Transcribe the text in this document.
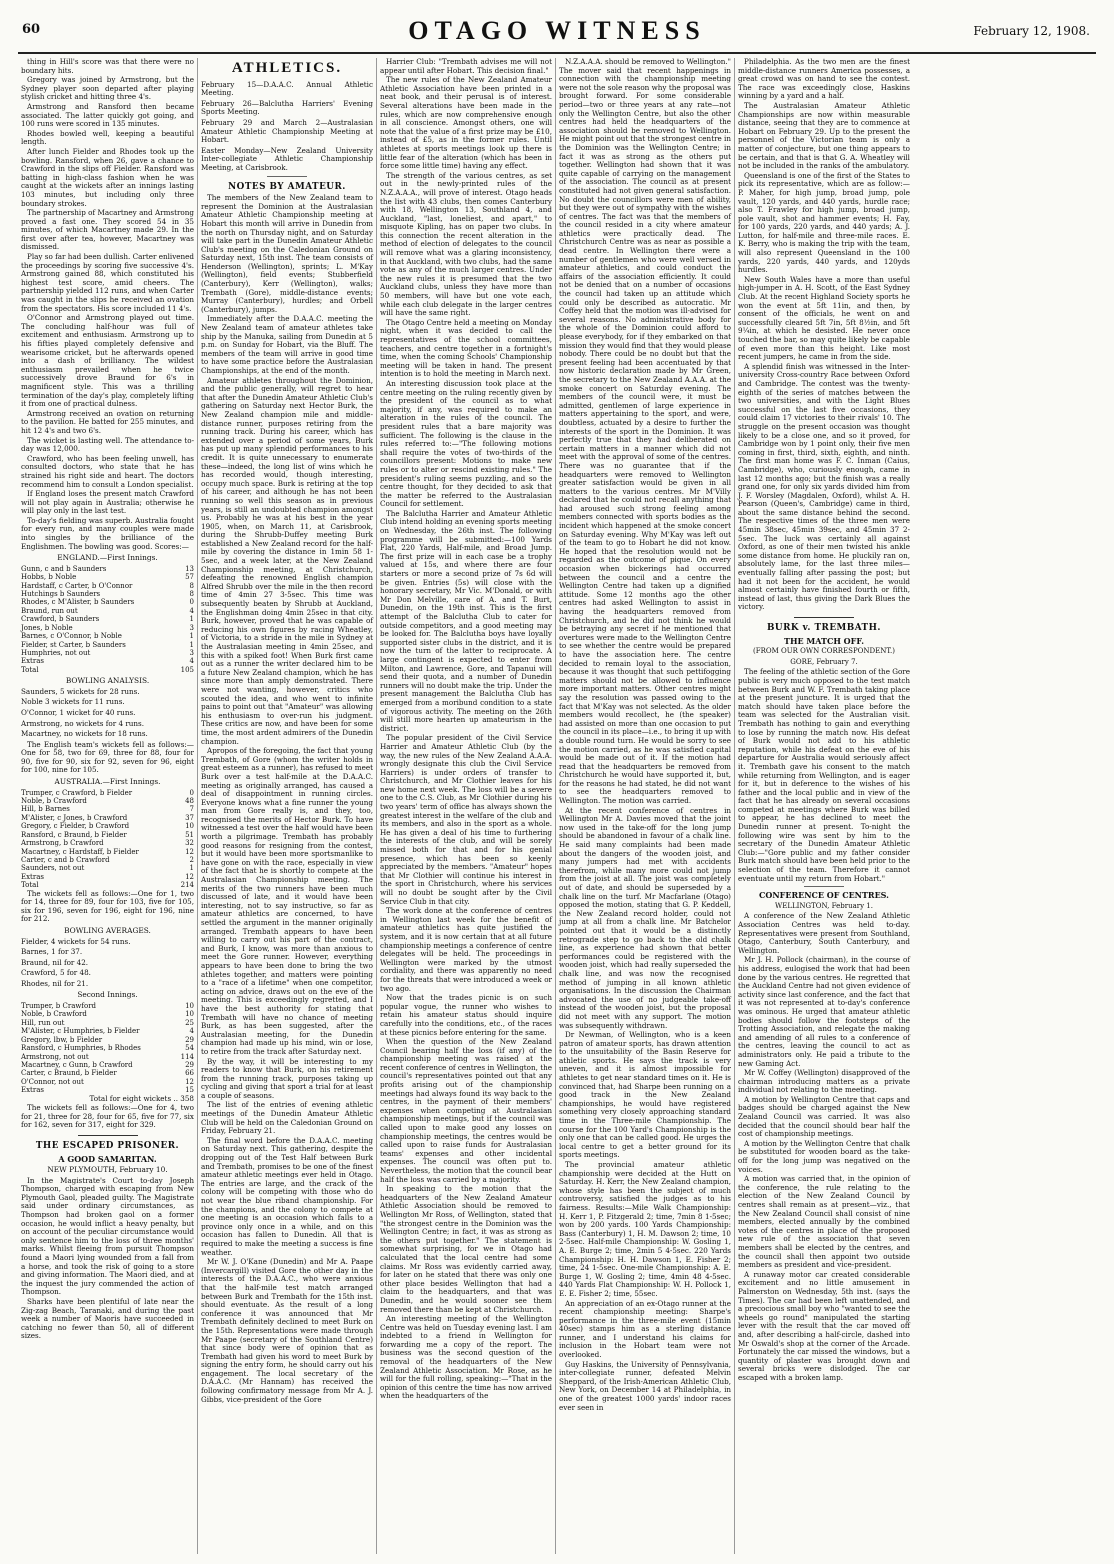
60	OTAGO WITNESS	February 12, 1908.

thing in Hill's score was that there were no boundary hits.

Gregory was joined by Armstrong, but the Sydney player soon departed after playing stylish cricket and hitting three 4's.

Armstrong and Ransford then became associated. The latter quickly got going, and 100 runs were scored in 135 minutes.

Rhodes bowled well, keeping a beautiful length.

After lunch Fielder and Rhodes took up the bowling. Ransford, when 26, gave a chance to Crawford in the slips off Fielder. Ransford was batting in high-class fashion when he was caught at the wickets after an innings lasting 103 minutes, but including only three boundary strokes.

The partnership of Macartney and Armstrong proved a fast one. They scored 54 in 35 minutes, of which Macartney made 29. In the first over after tea, however, Macartney was dismissed.

Play so far had been dullish. Carter enlivened the proceedings by scoring five successive 4's. Armstrong gained 88, which constituted his highest test score, amid cheers. The partnership yielded 112 runs, and when Carter was caught in the slips he received an ovation from the spectators. His score included 11 4's.

O'Connor and Armstrong played out time. The concluding half-hour was full of excitement and enthusiasm. Armstrong up to his fifties played completely defensive and wearisome cricket, but he afterwards opened into a dash of brilliancy. The wildest enthusiasm prevailed when he twice successively drove Braund for 6's in magnificent style. This was a thrilling termination of the day's play, completely lifting it from one of practical dulness.

Armstrong received an ovation on returning to the pavilion. He batted for 255 minutes, and hit 12 4's and two 6's.

The wicket is lasting well. The attendance to-day was 12,000.

Crawford, who has been feeling unwell, has consulted doctors, who state that he has strained his right side and heart. The doctors recommend him to consult a London specialist.

If England loses the present match Crawford will not play again in Australia; otherwise he will play only in the last test.

To-day's fielding was superb. Australia fought for every run, and many couples were made into singles by the brilliance of the Englishmen. The bowling was good. Scores:—

ENGLAND.—First Innings.
Gunn, c and b Saunders	13
Hobbs, b Noble	57
Hardstaff, c Carter, b O'Connor	8
Hutchings b Saunders	8
Rhodes, c M'Alister, b Saunders	0
Braund, run out	4
Crawford, b Saunders	1
Jones, b Noble	3
Barnes, c O'Connor, b Noble	1
Fielder, st Carter, b Saunders	1
Humphries, not out	3
Extras	4
Total	105
BOWLING ANALYSIS.
Saunders, 5 wickets for 28 runs.
Noble 3 wickets for 11 runs.
O'Connor, 1 wicket for 40 runs.
Armstrong, no wickets for 4 runs.
Macartney, no wickets for 18 runs.

The English team's wickets fell as follows:—One for 58, two for 69, three for 88, four for 90, five for 90, six for 92, seven for 96, eight for 100, nine for 105.

AUSTRALIA.—First Innings.
Trumper, c Crawford, b Fielder	0
Noble, b Crawford	48
Hill, b Barnes	7
M'Alister, c Jones, b Crawford	37
Gregory, c Fielder, b Crawford	10
Ransford, c Braund, b Fielder	51
Armstrong, b Crawford	32
Macartney, c Hardstaff, b Fielder	12
Carter, c and b Crawford	2
Saunders, not out	1
Extras	12
Total	214

The wickets fell as follows:—One for 1, two for 14, three for 89, four for 103, five for 105, six for 196, seven for 196, eight for 196, nine for 212.

BOWLING AVERAGES.
Fielder, 4 wickets for 54 runs.
Barnes, 1 for 37.
Braund, nil for 42.
Crawford, 5 for 48.
Rhodes, nil for 21.
Second Innings.
Trumper, b Crawford	10
Noble, b Crawford	10
Hill, run out	25
M'Alister, c Humphries, b Fielder	4
Gregory, lbw, b Fielder	29
Ransford, c Humphries, b Rhodes	54
Armstrong, not out	114
Macartney, c Gunn, b Crawford	29
Carter, c Braund, b Fielder	66
O'Connor, not out	12
Extras	15

Total for eight wickets .. 358

The wickets fell as follows:—One for 4, two for 21, three for 28, four for 65, five for 77, six for 162, seven for 317, eight for 329.

THE ESCAPED PRISONER.
A GOOD SAMARITAN.
NEW PLYMOUTH, February 10.

In the Magistrate's Court to-day Joseph Thompson, charged with escaping from New Plymouth Gaol, pleaded guilty. The Magistrate said under ordinary circumstances, as Thompson had broken gaol on a former occasion, he would inflict a heavy penalty, but on account of the peculiar circumstance would only sentence him to the loss of three months' marks. Whilst fleeing from pursuit Thompson found a Maori lying wounded from a fall from a horse, and took the risk of going to a store and giving information. The Maori died, and at the inquest the jury commended the action of Thompson.

Sharks have been plentiful of late near the Zig-zag Beach, Taranaki, and during the past week a number of Maoris have succeeded in catching no fewer than 50, all of different sizes.

ATHLETICS.
February 15—D.A.A.C. Annual Athletic Meeting.
February 26—Balclutha Harriers' Evening Sports Meeting.
February 29 and March 2—Australasian Amateur Athletic Championship Meeting at Hobart.
Easter Monday—New Zealand University Inter-collegiate Athletic Championship Meeting, at Carisbrook.
NOTES BY AMATEUR.

The members of the New Zealand team to represent the Dominion at the Australasian Amateur Athletic Championship meeting at Hobart this month will arrive in Dunedin from the north on Thursday night, and on Saturday will take part in the Dunedin Amateur Athletic Club's meeting on the Caledonian Ground on Saturday next, 15th inst. The team consists of Henderson (Wellington), sprints; L. M'Kay (Wellington), field events; Stubberfield (Canterbury), Kerr (Wellington), walks; Trembath (Gore), middle-distance events; Murray (Canterbury), hurdles; and Orbell (Canterbury), jumps.

Immediately after the D.A.A.C. meeting the New Zealand team of amateur athletes take ship by the Manuka, sailing from Dunedin at 5 p.m. on Sunday for Hobart, via the Bluff. The members of the team will arrive in good time to have some practice before the Australasian Championships, at the end of the month.

Amateur athletes throughout the Dominion, and the public generally, will regret to hear that after the Dunedin Amateur Athletic Club's gathering on Saturday next Hector Burk, the New Zealand champion mile and middle-distance runner, purposes retiring from the running track. During his career, which has extended over a period of some years, Burk has put up many splendid performances to his credit. It is quite unnecessary to enumerate these—indeed, the long list of wins which he has recorded would, though interesting, occupy much space. Burk is retiring at the top of his career, and although he has not been running so well this season as in previous years, is still an undoubted champion amongst us. Probably he was at his best in the year 1905, when, on March 11, at Carisbrook, during the Shrubb-Duffey meeting Burk established a New Zealand record for the half-mile by covering the distance in 1min 58 1-5sec, and a week later, at the New Zealand Championship meeting, at Christchurch, defeating the renowned English champion Alfred Shrubb over the mile in the then record time of 4min 27 3-5sec. This time was subsequently beaten by Shrubb at Auckland, the Englishman doing 4min 25sec in that city. Burk, however, proved that he was capable of reducing his own figures by racing Wheatley, of Victoria, to a stride in the mile in Sydney at the Australasian meeting in 4min 25sec, and this with a spiked foot! When Burk first came out as a runner the writer declared him to be a future New Zealand champion, which he has since more than amply demonstrated. There were not wanting, however, critics who scouted the idea, and who went to infinite pains to point out that "Amateur" was allowing his enthusiasm to over-run his judgment. These critics are now, and have been for some time, the most ardent admirers of the Dunedin champion.

Apropos of the foregoing, the fact that young Trembath, of Gore (whom the writer holds in great esteem as a runner), has refused to meet Burk over a test half-mile at the D.A.A.C. meeting as originally arranged, has caused a deal of disappointment in running circles. Everyone knows what a fine runner the young man from Gore really is, and they, too, recognised the merits of Hector Burk. To have witnessed a test over the half would have been worth a pilgrimage. Trembath has probably good reasons for resigning from the contest, but it would have been more sportsmanlike to have gone on with the race, especially in view of the fact that he is shortly to compete at the Australasian Championship meeting. The merits of the two runners have been much discussed of late, and it would have been interesting, not to say instructive, so far as amateur athletics are concerned, to have settled the argument in the manner originally arranged. Trembath appears to have been willing to carry out his part of the contract, and Burk, I know, was more than anxious to meet the Gore runner. However, everything appears to have been done to bring the two athletes together, and matters were pointing to a "race of a lifetime" when one competitor, acting on advice, draws out on the eve of the meeting. This is exceedingly regretted, and I have the best authority for stating that Trembath will have no chance of meeting Burk, as has been suggested, after the Australasian meeting, for the Dunedin champion had made up his mind, win or lose, to retire from the track after Saturday next.

By the way, it will be interesting to my readers to know that Burk, on his retirement from the running track, purposes taking up cycling and giving that sport a trial for at least a couple of seasons.

The list of the entries of evening athletic meetings of the Dunedin Amateur Athletic Club will be held on the Caledonian Ground on Friday, February 21.

The final word before the D.A.A.C. meeting on Saturday next. This gathering, despite the dropping out of the Test Half between Burk and Trembath, promises to be one of the finest amateur athletic meetings ever held in Otago. The entries are large, and the crack of the colony will be competing with those who do not wear the blue riband championship. For the champions, and the colony to compete at one meeting is an occasion which falls to a province only once in a while, and on this occasion has fallen to Dunedin. All that is required to make the meeting a success is fine weather.

Mr W. J. O'Kane (Dunedin) and Mr A. Paape (Invercargill) visited Gore the other day in the interests of the D.A.A.C., who were anxious that the half-mile test match arranged between Burk and Trembath for the 15th inst. should eventuate. As the result of a long conference it was announced that Mr Trembath definitely declined to meet Burk on the 15th. Representations were made through Mr Paape (secretary of the Southland Centre) that since body were of opinion that as Trembath had given his word to meet Burk by signing the entry form, he should carry out his engagement. The local secretary of the D.A.A.C. (Mr Hannam) has received the following confirmatory message from Mr A. J. Gibbs, vice-president of the Gore

Harrier Club: "Trembath advises me will not appear until after Hobart. This decision final."

The new rules of the New Zealand Amateur Athletic Association have been printed in a neat book, and their perusal is of interest. Several alterations have been made in the rules, which are now comprehensive enough in all conscience. Amongst others, one will note that the value of a first prize may be £10, instead of £5, as in the former rules. Until athletes at sports meetings look up there is little fear of the alteration (which has been in force some little time) having any effect.

The strength of the various centres, as set out in the newly-printed rules of the N.Z.A.A.A., will prove of interest. Otago heads the list with 43 clubs, then comes Canterbury with 18, Wellington 13, Southland 4, and Auckland, "last, loneliest, and apart," to misquote Kipling, has on paper two clubs. In this connection the recent alteration in the method of election of delegates to the council will remove what was a glaring inconsistency, in that Auckland, with two clubs, had the same vote as any of the much larger centres. Under the new rules it is presumed that the two Auckland clubs, unless they have more than 50 members, will have but one vote each, while each club delegate in the larger centres will have the same right.

The Otago Centre held a meeting on Monday night, when it was decided to call the representatives of the school committees, teachers, and centre together in a fortnight's time, when the coming Schools' Championship meeting will be taken in hand. The present intention is to hold the meeting in March next.

An interesting discussion took place at the centre meeting on the ruling recently given by the president of the council as to what majority, if any, was required to make an alteration in the rules of the council. The president rules that a bare majority was sufficient. The following is the clause in the rules referred to:—"The following motions shall require the votes of two-thirds of the councillors present: Motions to make new rules or to alter or rescind existing rules." The president's ruling seems puzzling, and so the centre thought, for they decided to ask that the matter be referred to the Australasian Council for settlement.

The Balclutha Harrier and Amateur Athletic Club intend holding an evening sports meeting on Wednesday, the 26th inst. The following programme will be submitted:—100 Yards Flat, 220 Yards, Half-mile, and Broad Jump. The first prize will in each case be a trophy valued at 15s, and where there are four starters or more a second prize of 7s 6d will be given. Entries (5s) will close with the honorary secretary, Mr Vic. M'Donald, or with Mr Don Melville, care of A. and T. Burt, Dunedin, on the 19th inst. This is the first attempt of the Balclutha Club to cater for outside competitors, and a good meeting may be looked for. The Balclutha boys have loyally supported sister clubs in the district, and it is now the turn of the latter to reciprocate. A large contingent is expected to enter from Milton, and Lawrence, Gore, and Tapanui will send their quota, and a number of Dunedin runners will no doubt make the trip. Under the present management the Balclutha Club has emerged from a moribund condition to a state of vigorous activity. The meeting on the 26th will still more hearten up amateurism in the district.

The popular president of the Civil Service Harrier and Amateur Athletic Club (by the way, the new rules of the New Zealand A.A.A. wrongly designate this club the Civil Service Harriers) is under orders of transfer to Christchurch, and Mr Clothier leaves for his new home next week. The loss will be a severe one to the C.S. Club, as Mr Clothier during his two years' term of office has always shown the greatest interest in the welfare of the club and its members, and also in the sport as a whole. He has given a deal of his time to furthering the interests of the club, and will be sorely missed both for that and for his genial presence, which has been so keenly appreciated by the members. "Amateur" hopes that Mr Clothier will continue his interest in the sport in Christchurch, where his services will no doubt be sought after by the Civil Service Club in that city.

The work done at the conference of centres in Wellington last week for the benefit of amateur athletics has quite justified the system, and it is now certain that at all future championship meetings a conference of centre delegates will be held. The proceedings in Wellington were marked by the utmost cordiality, and there was apparently no need for the threats that were introduced a week or two ago.

Now that the trades picnic is on such popular vogue, the runner who wishes to retain his amateur status should inquire carefully into the conditions, etc., of the races at these picnics before entering for the same.

When the question of the New Zealand Council bearing half the loss (if any) of the championship meeting was raised at the recent conference of centres in Wellington, the council's representatives pointed out that any profits arising out of the championship meetings had always found its way back to the centres, in the payment of their members' expenses when competing at Australasian championship meetings, but if the council was called upon to make good any losses on championship meetings, the centres would be called upon to raise funds for Australasian teams' expenses and other incidental expenses. The council was often put to. Nevertheless, the motion that the council bear half the loss was carried by a majority.

In speaking to the motion that the headquarters of the New Zealand Amateur Athletic Association should be removed to Wellington Mr Ross, of Wellington, stated that "the strongest centre in the Dominion was the Wellington Centre; in fact, it was as strong as the others put together." The statement is somewhat surprising, for we in Otago had calculated that the local centre had some claims. Mr Ross was evidently carried away, for later on he stated that there was only one other place besides Wellington that had a claim to the headquarters, and that was Dunedin, and he would sooner see them removed there than be kept at Christchurch.

An interesting meeting of the Wellington Centre was held on Tuesday evening last. I am indebted to a friend in Wellington for forwarding me a copy of the report. The business was the second question of the removal of the headquarters of the New Zealand Athletic Association. Mr Rose, as he will for the full rolling, speaking:—"That in the opinion of this centre the time has now arrived when the headquarters of the

N.Z.A.A.A. should be removed to Wellington." The mover said that recent happenings in connection with the championship meeting were not the sole reason why the proposal was brought forward. For some considerable period—two or three years at any rate—not only the Wellington Centre, but also the other centres had held the headquarters of the association should be removed to Wellington. He might point out that the strongest centre in the Dominion was the Wellington Centre; in fact it was as strong as the others put together. Wellington had shown that it was quite capable of carrying on the management of the association. The council as at present constituted had not given general satisfaction. No doubt the councillors were men of ability, but they were out of sympathy with the wishes of centres. The fact was that the members of the council resided in a city where amateur athletics were practically dead. The Christchurch Centre was as near as possible a dead centre. In Wellington there were a number of gentlemen who were well versed in amateur athletics, and could conduct the affairs of the association efficiently. It could not be denied that on a number of occasions the council had taken up an attitude which could only be described as autocratic. Mr Coffey held that the motion was ill-advised for several reasons. No administrative body for the whole of the Dominion could afford to please everybody, for if they embarked on that mission they would find that they would please nobody. There could be no doubt but that the present feeling had been accentuated by that now historic declaration made by Mr Green, the secretary to the New Zealand A.A.A. at the smoke concert on Saturday evening. The members of the council were, it must be admitted, gentlemen of large experience in matters appertaining to the sport, and were, doubtless, actuated by a desire to further the interests of the sport in the Dominion. It was perfectly true that they had deliberated on certain matters in a manner which did not meet with the approval of some of the centres. There was no guarantee that if the headquarters were removed to Wellington greater satisfaction would be given in all matters to the various centres. Mr M'Villy declared that he could not recall anything that had aroused such strong feeling among members connected with sports bodies as the incident which happened at the smoke concert on Saturday evening. Why M'Kay was left out of the team to go to Hobart he did not know. He hoped that the resolution would not be regarded as the outcome of pique. On every occasion when bickerings had occurred between the council and a centre the Wellington Centre had taken up a dignified attitude. Some 12 months ago the other centres had asked Wellington to assist in having the headquarters removed from Christchurch, and he did not think he would be betraying any secret if he mentioned that overtures were made to the Wellington Centre to see whether the centre would be prepared to have the association here. The centre decided to remain loyal to the association, because it was thought that such pettifogging matters should not be allowed to influence more important matters. Other centres might say the resolution was passed owing to the fact that M'Kay was not selected. As the older members would recollect, he (the speaker) had assisted on more than one occasion to put the council in its place—i.e., to bring it up with a double round turn. He would be sorry to see the motion carried, as he was satisfied capital would be made out of it. If the motion had read that the headquarters be removed from Christchurch he would have supported it, but, for the reasons he had stated, he did not want to see the headquarters removed to Wellington. The motion was carried.

At the recent conference of centres in Wellington Mr A. Davies moved that the joint now used in the take-off for the long jump should be abandoned in favour of a chalk line. He said many complaints had been made about the dangers of the wooden joist, and many jumpers had met with accidents therefrom, while many more could not jump from the joist at all. The joist was completely out of date, and should be superseded by a chalk line on the turf. Mr Macfarlane (Otago) opposed the motion, stating that G. P. Keddell, the New Zealand record holder, could not jump at all from a chalk line. Mr Batchelor pointed out that it would be a distinctly retrograde step to go back to the old chalk line, as experience had shown that better performances could be registered with the wooden joist, which had really superseded the chalk line, and was now the recognised method of jumping in all known athletic organisations. In the discussion the Chairman advocated the use of no judgeable take-off instead of the wooden joist, but the proposal did not meet with any support. The motion was subsequently withdrawn.

Dr Newman, of Wellington, who is a keen patron of amateur sports, has drawn attention to the unsuitability of the Basin Reserve for athletic sports. He says the track is very uneven, and it is almost impossible for athletes to get near standard times on it. He is convinced that, had Sharpe been running on a good track in the New Zealand championships, he would have registered something very closely approaching standard time in the Three-mile Championship. The course for the 100 Yard's Championship is the only one that can be called good. He urges the local centre to get a better ground for its sports meetings.

The provincial amateur athletic championship were decided at the Hutt on Saturday. H. Kerr, the New Zealand champion, whose style has been the subject of much controversy, satisfied the judges as to his fairness. Results:—Mile Walk Championship: H. Kerr 1, P. Fitzgerald 2; time, 7min 8 1-5sec; won by 200 yards. 100 Yards Championship: Bass (Canterbury) 1, H. M. Dawson 2; time, 10 2-5sec. Half-mile Championship: W. Gosling 1, A. E. Burge 2; time, 2min 5 4-5sec. 220 Yards Championship: H. H. Dawson 1, E. Fisher 2; time, 24 1-5sec. One-mile Championship: A. E. Burge 1, W. Gosling 2; time, 4min 48 4-5sec. 440 Yards Flat Championship: W. H. Pollock 1, E. E. Fisher 2; time, 55sec.

An appreciation of an ex-Otago runner at the recent championship meeting: Sharpe's performance in the three-mile event (15min 40sec) stamps him as a sterling distance runner, and I understand his claims for inclusion in the Hobart team were not overlooked.

Guy Haskins, the University of Pennsylvania, inter-collegiate runner, defeated Melvin Sheppard, of the Irish-American Athletic Club, New York, on December 14 at Philadelphia, in one of the greatest 1000 yards' indoor races ever seen in

Philadelphia. As the two men are the finest middle-distance runners America possesses, a great crowd was on hand to see the contest. The race was exceedingly close, Haskins winning by a yard and a half.

The Australasian Amateur Athletic Championships are now within measurable distance, seeing that they are to commence at Hobart on February 29. Up to the present the personnel of the Victorian team is only a matter of conjecture, but one thing appears to be certain, and that is that G. A. Wheatley will not be included in the ranks of the ambulatory.

Queensland is one of the first of the States to pick its representative, which are as follow:—P. Maher, for high jump, broad jump, pole vault, 120 yards, and 440 yards, hurdle race; also T. Frawley for high jump, broad jump, pole vault, shot and hammer events; H. Fay, for 100 yards, 220 yards, and 440 yards; A. J. Lutton, for half-mile and three-mile races. E. K. Berry, who is making the trip with the team, will also represent Queensland in the 100 yards, 220 yards, 440 yards, and 120yds hurdles.

New South Wales have a more than useful high-jumper in A. H. Scott, of the East Sydney Club. At the recent Highland Society sports he won the event at 5ft 11in, and then, by consent of the officials, he went on and successfully cleared 5ft 7in, 5ft 8½in, and 5ft 9¼in, at which he desisted. He never once touched the bar, so may quite likely be capable of even more than this height. Like most recent jumpers, he came in from the side.

A splendid finish was witnessed in the Inter-university Cross-country Race between Oxford and Cambridge. The contest was the twenty-eighth of the series of matches between the two universities, and with the Light Blues successful on the last five occasions, they could claim 17 victories to their rivals' 10. The struggle on the present occasion was thought likely to be a close one, and so it proved, for Cambridge won by 1 point only, their five men coming in first, third, sixth, eighth, and ninth. The first man home was F. C. Inman (Caius, Cambridge), who, curiously enough, came in last 12 months ago; but the finish was a really grand one, for only six yards divided him from J. F. Worsley (Magdalen, Oxford), whilst A. H. Pearson (Queen's, Cambridge) came in third, about the same distance behind the second. The respective times of the three men were 45min 38sec, 45min 39sec, and 45min 37 2-5sec. The luck was certainly all against Oxford, as one of their men twisted his ankle some distance from home. He pluckily ran on, absolutely lame, for the last three miles—eventually falling after passing the post; but had it not been for the accident, he would almost certainly have finished fourth or fifth, instead of last, thus giving the Dark Blues the victory.

BURK v. TREMBATH.
THE MATCH OFF.
(FROM OUR OWN CORRESPONDENT.)
GORE, February 7.

The feeling of the athletic section of the Gore public is very much opposed to the test match between Burk and W. F. Trembath taking place at the present juncture. It is urged that the match should have taken place before the team was selected for the Australian visit. Trembath has nothing to gain and everything to lose by running the match now. His defeat of Burk would not add to his athletic reputation, while his defeat on the eve of his departure for Australia would seriously affect it. Trembath gave his consent to the match while returning from Wellington, and is eager for it, but in deference to the wishes of his father and the local public and in view of the fact that he has already on several occasions competed at meetings where Burk was billed to appear, he has declined to meet the Dunedin runner at present. To-night the following wire was sent by him to the secretary of the Dunedin Amateur Athletic Club:—"Gore public and my father consider Burk match should have been held prior to the selection of the team. Therefore it cannot eventuate until my return from Hobart."

CONFERENCE OF CENTRES.
WELLINGTON, February 1.

A conference of the New Zealand Athletic Association Centres was held to-day. Representatives were present from Southland, Otago, Canterbury, South Canterbury, and Wellington.

Mr J. H. Pollock (chairman), in the course of his address, eulogised the work that had been done by the various centres. He regretted that the Auckland Centre had not given evidence of activity since last conference, and the fact that it was not represented at to-day's conference was ominous. He urged that amateur athletic bodies should follow the footsteps of the Trotting Association, and relegate the making and amending of all rules to a conference of the centres, leaving the council to act as administrators only. He paid a tribute to the new Gaming Act.

Mr W. Coffey (Wellington) disapproved of the chairman introducing matters as a private individual not relating to the meeting.

A motion by Wellington Centre that caps and badges should be charged against the New Zealand Council was carried. It was also decided that the council should bear half the cost of championship meetings.

A motion by the Wellington Centre that chalk be substituted for wooden board as the take-off for the long jump was negatived on the voices.

A motion was carried that, in the opinion of the conference, the rule relating to the election of the New Zealand Council by centres shall remain as at present—viz., that the New Zealand Council shall consist of nine members, elected annually by the combined votes of the centres in place of the proposed new rule of the association that seven members shall be elected by the centres, and the council shall then appoint two outside members as president and vice-president.

A runaway motor car created considerable excitement and no little amusement in Palmerston on Wednesday, 5th inst. (says the Times). The car had been left unattended, and a precocious small boy who "wanted to see the wheels go round" manipulated the starting lever with the result that the car moved off and, after describing a half-circle, dashed into Mr Oswald's shop at the corner of the Arcade. Fortunately the car missed the windows, but a quantity of plaster was brought down and several bricks were dislodged. The car escaped with a broken lamp.
